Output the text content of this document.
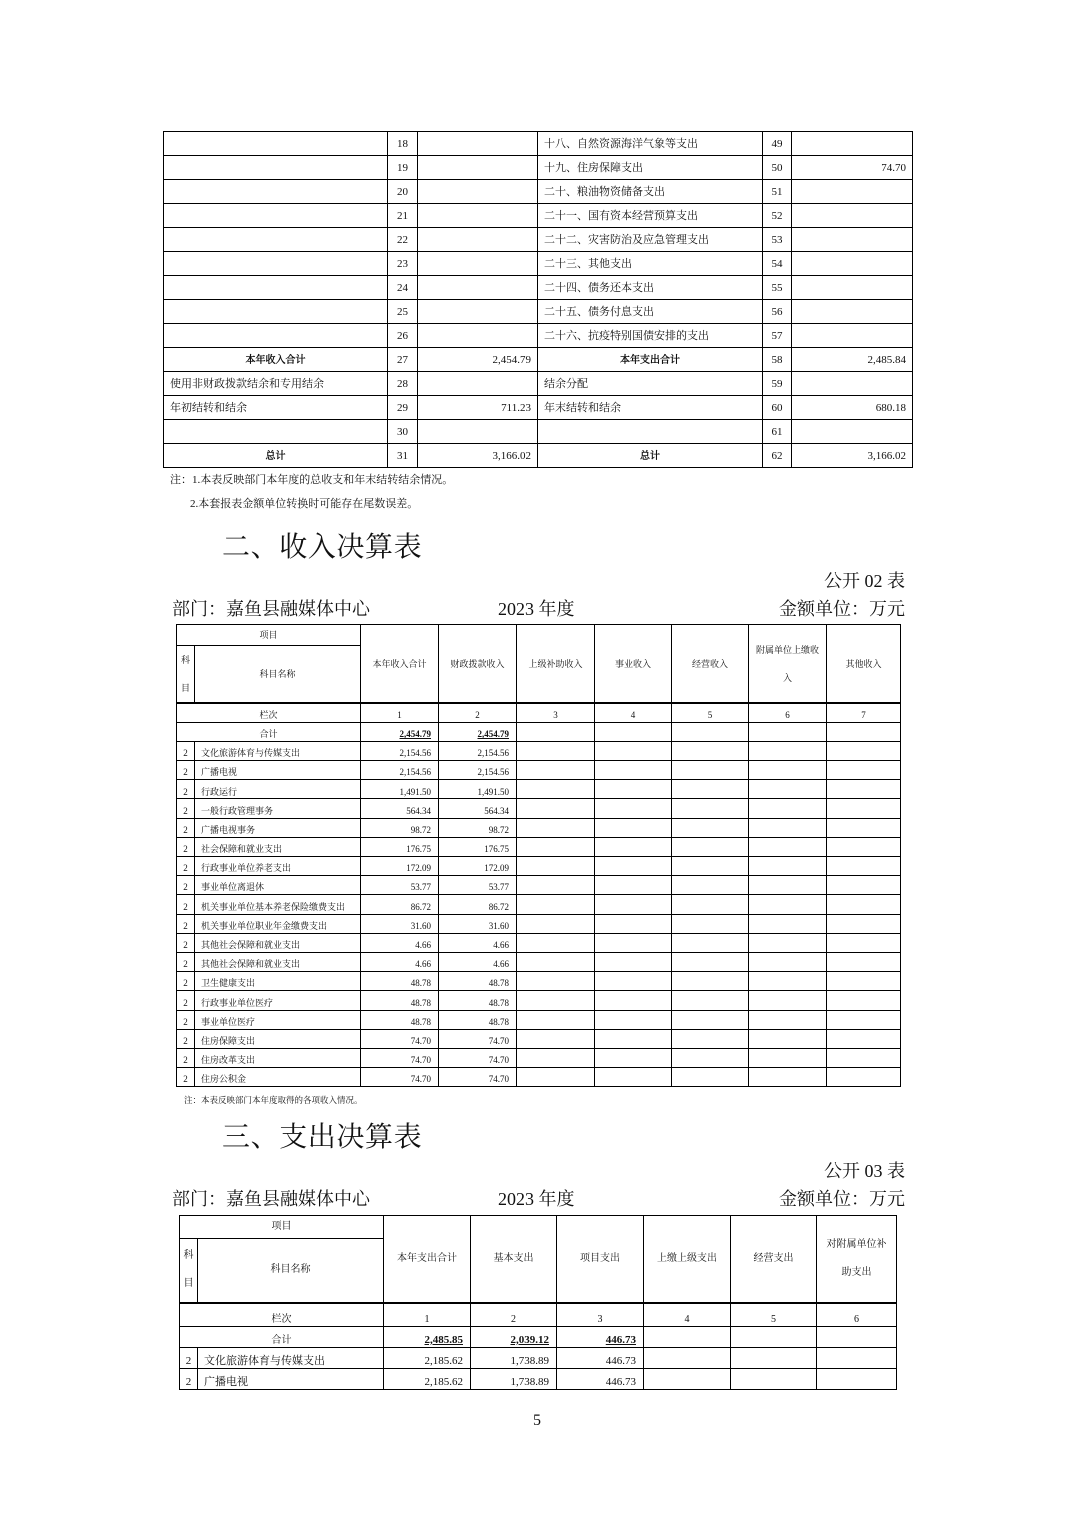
	18		十八、自然资源海洋气象等支出	49	
	19		十九、住房保障支出	50	74.70
	20		二十、粮油物资储备支出	51	
	21		二十一、国有资本经营预算支出	52	
	22		二十二、灾害防治及应急管理支出	53	
	23		二十三、其他支出	54	
	24		二十四、债务还本支出	55	
	25		二十五、债务付息支出	56	
	26		二十六、抗疫特别国债安排的支出	57	
本年收入合计	27	2,454.79	本年支出合计	58	2,485.84
使用非财政拨款结余和专用结余	28		结余分配	59	
年初结转和结余	29	711.23	年末结转和结余	60	680.18
	30			61	
总计	31	3,166.02	总计	62	3,166.02
注：1.本表反映部门本年度的总收支和年末结转结余情况。
2.本套报表金额单位转换时可能存在尾数误差。
二、收入决算表
公开 02 表
部门：嘉鱼县融媒体中心	2023 年度	金额单位：万元
项目		本年收入合计	财政拨款收入	上级补助收入	事业收入	经营收入	附属单位上缴收入	其他收入
科目	科目名称							
栏次		1	2	3	4	5	6	7
合计		2,454.79	2,454.79					
2	文化旅游体育与传媒支出	2,154.56	2,154.56					
2	广播电视	2,154.56	2,154.56					
2	行政运行	1,491.50	1,491.50					
2	一般行政管理事务	564.34	564.34					
2	广播电视事务	98.72	98.72					
2	社会保障和就业支出	176.75	176.75					
2	行政事业单位养老支出	172.09	172.09					
2	事业单位离退休	53.77	53.77					
2	机关事业单位基本养老保险缴费支出	86.72	86.72					
2	机关事业单位职业年金缴费支出	31.60	31.60					
2	其他社会保障和就业支出	4.66	4.66					
2	其他社会保障和就业支出	4.66	4.66					
2	卫生健康支出	48.78	48.78					
2	行政事业单位医疗	48.78	48.78					
2	事业单位医疗	48.78	48.78					
2	住房保障支出	74.70	74.70					
2	住房改革支出	74.70	74.70					
2	住房公积金	74.70	74.70					
注：本表反映部门本年度取得的各项收入情况。
三、支出决算表
公开 03 表
部门：嘉鱼县融媒体中心	2023 年度	金额单位：万元
项目		本年支出合计	基本支出	项目支出	上缴上级支出	经营支出	对附属单位补助支出
科目	科目名称						
栏次		1	2	3	4	5	6
合计		2,485.85	2,039.12	446.73			
2	文化旅游体育与传媒支出	2,185.62	1,738.89	446.73			
2	广播电视	2,185.62	1,738.89	446.73			
5
